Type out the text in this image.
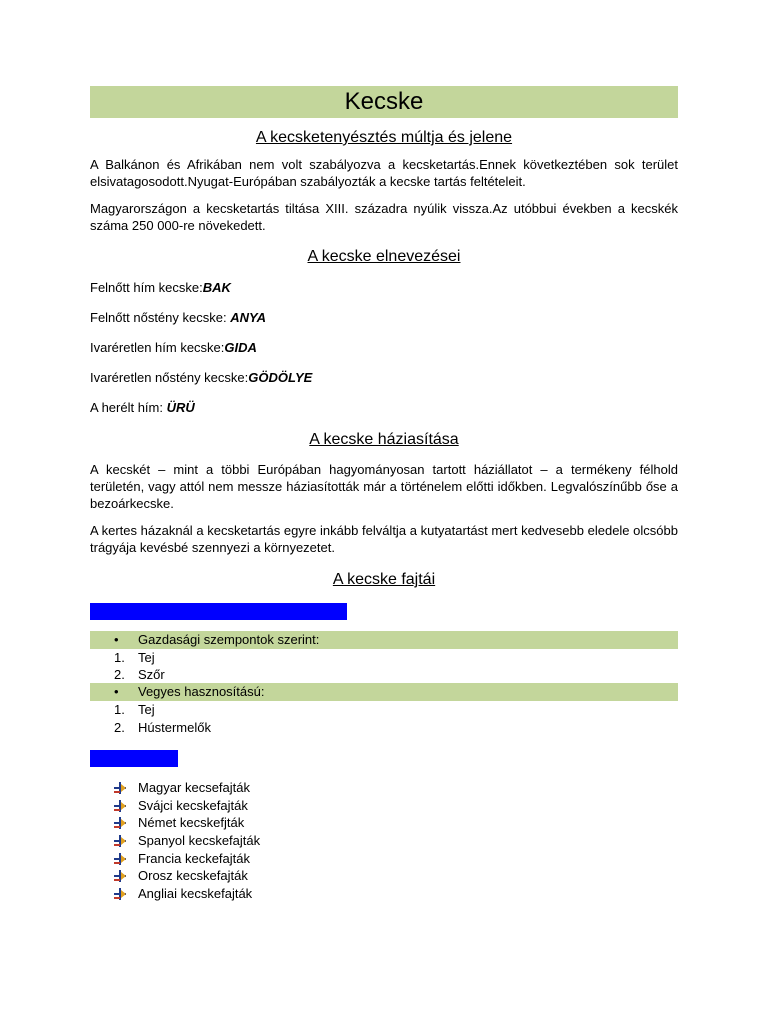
Kecske
A kecsketenyésztés múltja és jelene

A Balkánon és Afrikában nem volt szabályozva a kecsketartás.Ennek következtében sok terület elsivatagosodott.Nyugat-Európában szabályozták a kecske tartás feltételeit.

Magyarországon a kecsketartás tiltása XIII. századra nyúlik vissza.Az utóbbui években a kecskék száma 250 000-re növekedett.

A kecske elnevezései
Felnőtt hím kecske:BAK
Felnőtt nőstény kecske: ANYA
Ivaréretlen hím kecske:GIDA
Ivaréretlen nőstény kecske:GÖDÖLYE
A herélt hím: ÜRÜ
A kecske háziasítása

A kecskét – mint a többi Európában hagyományosan tartott háziállatot – a termékeny félhold területén, vagy attól nem messze háziasították már a történelem előtti időkben. Legvalószínűbb őse a bezoárkecske.

A kertes házaknál a kecsketartás egyre inkább felváltja a kutyatartást mert kedvesebb eledele olcsóbb trágyája kevésbé szennyezi a környezetet.

A kecske fajtái
• Gazdasági szempontok szerint:
1. Tej
2. Szőr
• Vegyes hasznosítású:
1. Tej
2. Hústermelők
Magyar kecsefajták
Svájci kecskefajták
Német kecskefjták
Spanyol kecskefajták
Francia keckefajták
Orosz kecskefajták
Angliai kecskefajták
